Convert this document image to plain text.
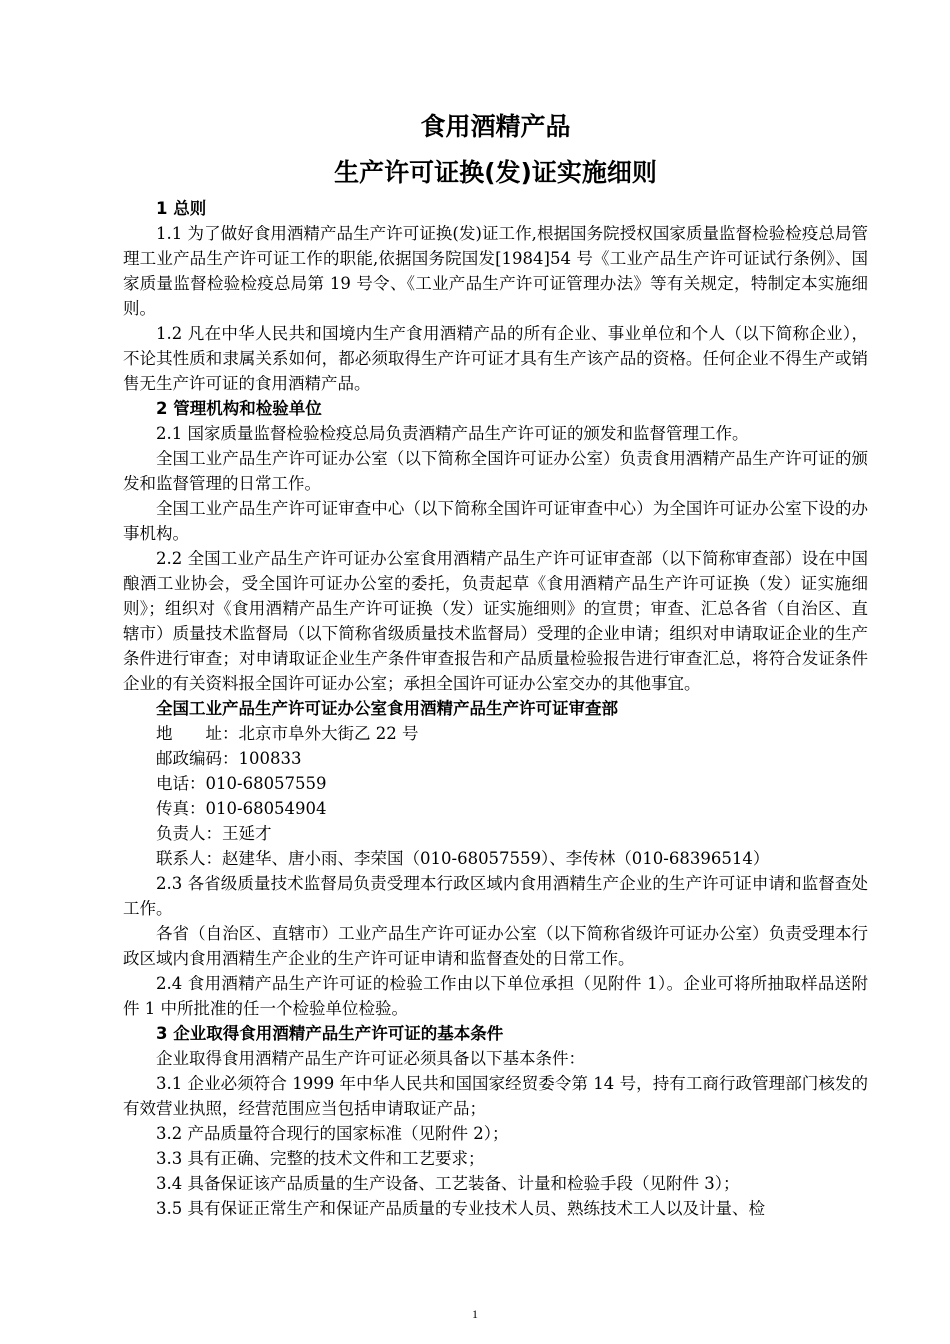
食用酒精产品
生产许可证换(发)证实施细则

1 总则

1.1 为了做好食用酒精产品生产许可证换(发)证工作,根据国务院授权国家质量监督检验检疫总局管理工业产品生产许可证工作的职能,依据国务院国发[1984]54 号《工业产品生产许可证试行条例》、国家质量监督检验检疫总局第 19 号令、《工业产品生产许可证管理办法》等有关规定，特制定本实施细则。

1.2 凡在中华人民共和国境内生产食用酒精产品的所有企业、事业单位和个人（以下简称企业），不论其性质和隶属关系如何，都必须取得生产许可证才具有生产该产品的资格。任何企业不得生产或销售无生产许可证的食用酒精产品。

2 管理机构和检验单位

2.1 国家质量监督检验检疫总局负责酒精产品生产许可证的颁发和监督管理工作。

全国工业产品生产许可证办公室（以下简称全国许可证办公室）负责食用酒精产品生产许可证的颁发和监督管理的日常工作。

全国工业产品生产许可证审查中心（以下简称全国许可证审查中心）为全国许可证办公室下设的办事机构。

2.2 全国工业产品生产许可证办公室食用酒精产品生产许可证审查部（以下简称审查部）设在中国酿酒工业协会，受全国许可证办公室的委托，负责起草《食用酒精产品生产许可证换（发）证实施细则》；组织对《食用酒精产品生产许可证换（发）证实施细则》的宣贯；审查、汇总各省（自治区、直辖市）质量技术监督局（以下简称省级质量技术监督局）受理的企业申请；组织对申请取证企业的生产条件进行审查；对申请取证企业生产条件审查报告和产品质量检验报告进行审查汇总，将符合发证条件企业的有关资料报全国许可证办公室；承担全国许可证办公室交办的其他事宜。

全国工业产品生产许可证办公室食用酒精产品生产许可证审查部

地　　址：北京市阜外大街乙 22 号

邮政编码：100833

电话：010-68057559

传真：010-68054904

负责人：王延才

联系人：赵建华、唐小雨、李荣国（010-68057559）、李传林（010-68396514）

2.3 各省级质量技术监督局负责受理本行政区域内食用酒精生产企业的生产许可证申请和监督查处工作。

各省（自治区、直辖市）工业产品生产许可证办公室（以下简称省级许可证办公室）负责受理本行政区域内食用酒精生产企业的生产许可证申请和监督查处的日常工作。

2.4 食用酒精产品生产许可证的检验工作由以下单位承担（见附件 1）。企业可将所抽取样品送附件 1 中所批准的任一个检验单位检验。

3 企业取得食用酒精产品生产许可证的基本条件

企业取得食用酒精产品生产许可证必须具备以下基本条件：

3.1 企业必须符合 1999 年中华人民共和国国家经贸委令第 14 号，持有工商行政管理部门核发的有效营业执照，经营范围应当包括申请取证产品；

3.2 产品质量符合现行的国家标准（见附件 2）；

3.3 具有正确、完整的技术文件和工艺要求；

3.4 具备保证该产品质量的生产设备、工艺装备、计量和检验手段（见附件 3）；

3.5 具有保证正常生产和保证产品质量的专业技术人员、熟练技术工人以及计量、检

1
